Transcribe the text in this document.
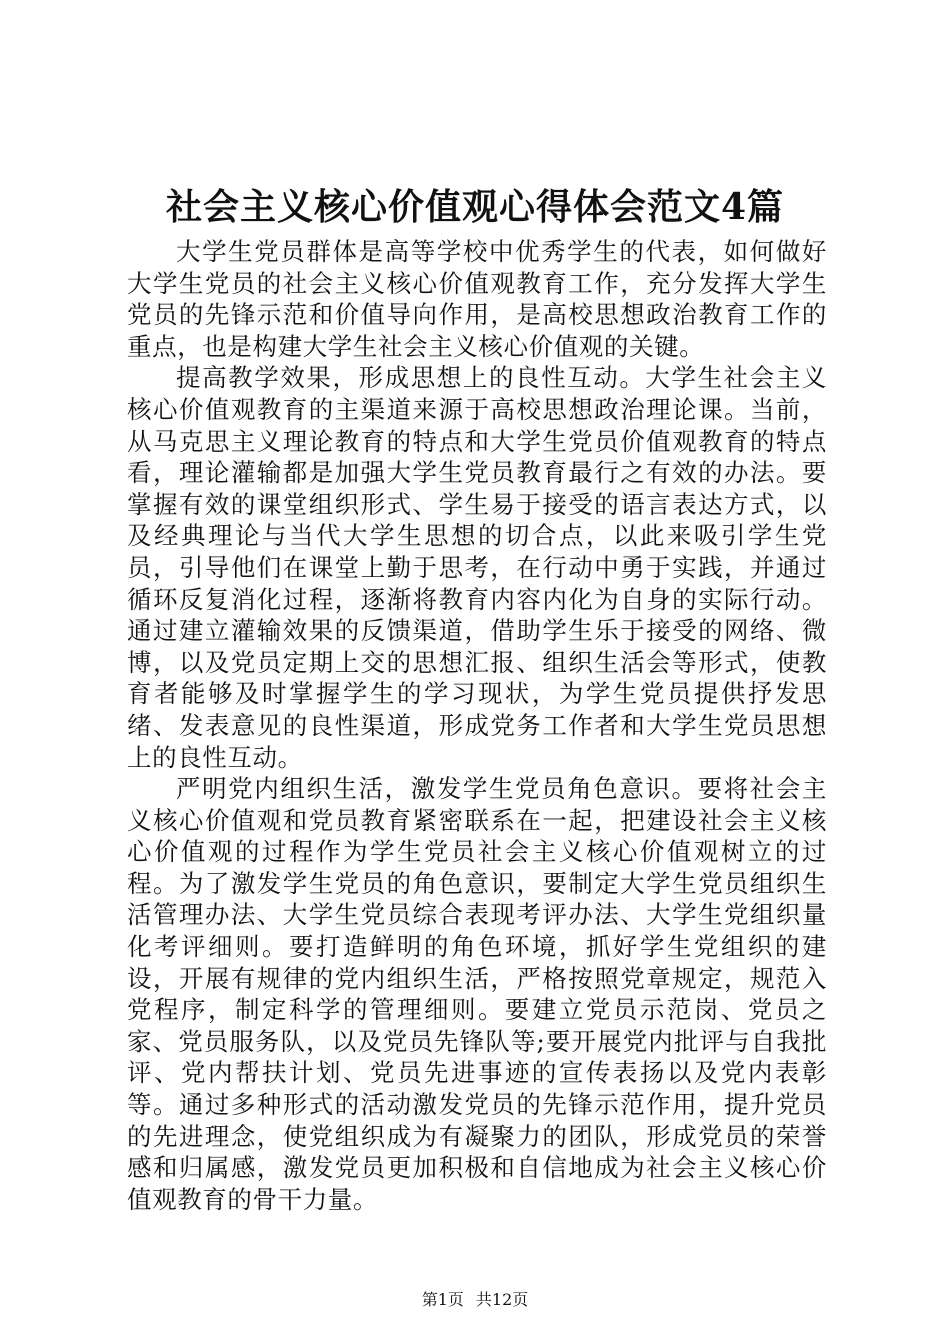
社会主义核心价值观心得体会范文4篇

大学生党员群体是高等学校中优秀学生的代表，如何做好大学生党员的社会主义核心价值观教育工作，充分发挥大学生党员的先锋示范和价值导向作用，是高校思想政治教育工作的重点，也是构建大学生社会主义核心价值观的关键。

提高教学效果，形成思想上的良性互动。大学生社会主义核心价值观教育的主渠道来源于高校思想政治理论课。当前，从马克思主义理论教育的特点和大学生党员价值观教育的特点看，理论灌输都是加强大学生党员教育最行之有效的办法。要掌握有效的课堂组织形式、学生易于接受的语言表达方式，以及经典理论与当代大学生思想的切合点，以此来吸引学生党员，引导他们在课堂上勤于思考，在行动中勇于实践，并通过循环反复消化过程，逐渐将教育内容内化为自身的实际行动。通过建立灌输效果的反馈渠道，借助学生乐于接受的网络、微博，以及党员定期上交的思想汇报、组织生活会等形式，使教育者能够及时掌握学生的学习现状，为学生党员提供抒发思绪、发表意见的良性渠道，形成党务工作者和大学生党员思想上的良性互动。

严明党内组织生活，激发学生党员角色意识。要将社会主义核心价值观和党员教育紧密联系在一起，把建设社会主义核心价值观的过程作为学生党员社会主义核心价值观树立的过程。为了激发学生党员的角色意识，要制定大学生党员组织生活管理办法、大学生党员综合表现考评办法、大学生党组织量化考评细则。要打造鲜明的角色环境，抓好学生党组织的建设，开展有规律的党内组织生活，严格按照党章规定，规范入党程序，制定科学的管理细则。要建立党员示范岗、党员之家、党员服务队，以及党员先锋队等;要开展党内批评与自我批评、党内帮扶计划、党员先进事迹的宣传表扬以及党内表彰等。通过多种形式的活动激发党员的先锋示范作用，提升党员的先进理念，使党组织成为有凝聚力的团队，形成党员的荣誉感和归属感，激发党员更加积极和自信地成为社会主义核心价值观教育的骨干力量。

第1页 共12页
